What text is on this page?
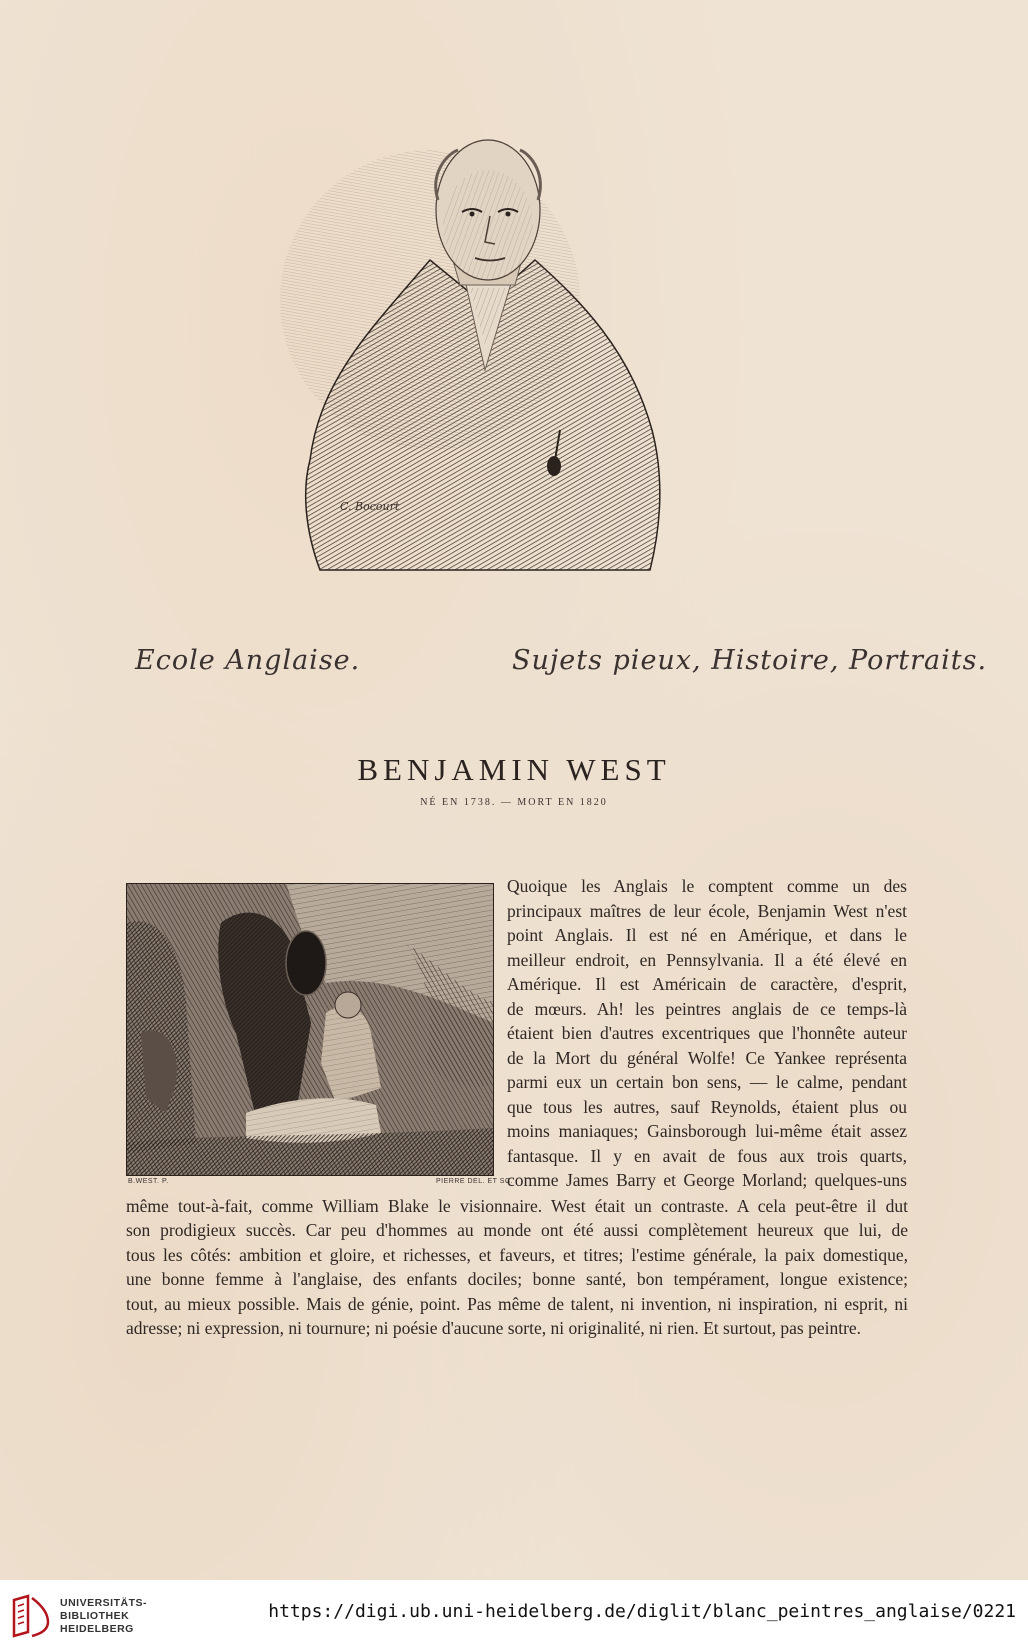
C. Bocourt
Ecole Anglaise.	Sujets pieux, Histoire, Portraits.
BENJAMIN WEST
NÉ EN 1738. — MORT EN 1820
B.WEST. P.	PIERRE DEL. ET SC.
Quoique les Anglais le comptent comme un des
principaux maîtres de leur école, Benjamin West n'est
point Anglais. Il est né en Amérique, et dans le
meilleur endroit, en Pennsylvania. Il a été élevé en
Amérique. Il est Américain de caractère, d'esprit,
de mœurs. Ah! les peintres anglais de ce temps-là
étaient bien d'autres excentriques que l'honnête auteur
de la Mort du général Wolfe! Ce Yankee représenta
parmi eux un certain bon sens, — le calme, pendant
que tous les autres, sauf Reynolds, étaient plus ou
moins maniaques; Gainsborough lui-même était assez
fantasque. Il y en avait de fous aux trois quarts,
comme James Barry et George Morland; quelques-uns
même tout-à-fait, comme William Blake le visionnaire. West était un contraste. A cela peut-être il dut
son prodigieux succès. Car peu d'hommes au monde ont été aussi complètement heureux que lui, de
tous les côtés: ambition et gloire, et richesses, et faveurs, et titres; l'estime générale, la paix domestique,
une bonne femme à l'anglaise, des enfants dociles; bonne santé, bon tempérament, longue existence;
tout, au mieux possible. Mais de génie, point. Pas même de talent, ni invention, ni inspiration, ni esprit, ni
adresse; ni expression, ni tournure; ni poésie d'aucune sorte, ni originalité, ni rien. Et surtout, pas peintre.
UNIVERSITÄTS-
BIBLIOTHEK
HEIDELBERG
https://digi.ub.uni-heidelberg.de/diglit/blanc_peintres_anglaise/0221
